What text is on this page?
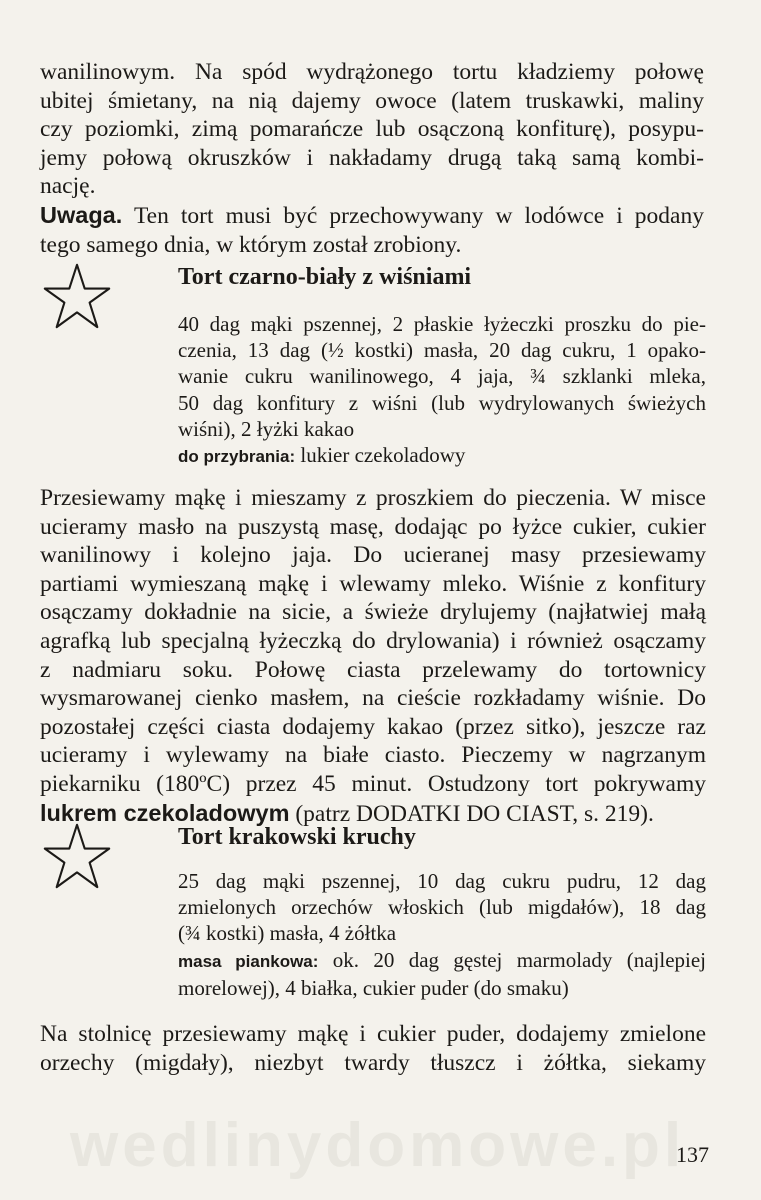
wanilinowym. Na spód wydrążonego tortu kładziemy połowę
ubitej śmietany, na nią dajemy owoce (latem truskawki, maliny
czy poziomki, zimą pomarańcze lub osączoną konfiturę), posypu-
jemy połową okruszków i nakładamy drugą taką samą kombi-
nację.
Uwaga. Ten tort musi być przechowywany w lodówce i podany
tego samego dnia, w którym został zrobiony.
Tort czarno-biały z wiśniami
40 dag mąki pszennej, 2 płaskie łyżeczki proszku do pie-
czenia, 13 dag (½ kostki) masła, 20 dag cukru, 1 opako-
wanie cukru wanilinowego, 4 jaja, ¾ szklanki mleka,
50 dag konfitury z wiśni (lub wydrylowanych świeżych
wiśni), 2 łyżki kakao
do przybrania: lukier czekoladowy
Przesiewamy mąkę i mieszamy z proszkiem do pieczenia. W misce
ucieramy masło na puszystą masę, dodając po łyżce cukier, cukier
wanilinowy i kolejno jaja. Do ucieranej masy przesiewamy
partiami wymieszaną mąkę i wlewamy mleko. Wiśnie z konfitury
osączamy dokładnie na sicie, a świeże drylujemy (najłatwiej małą
agrafką lub specjalną łyżeczką do drylowania) i również osączamy
z nadmiaru soku. Połowę ciasta przelewamy do tortownicy
wysmarowanej cienko masłem, na cieście rozkładamy wiśnie. Do
pozostałej części ciasta dodajemy kakao (przez sitko), jeszcze raz
ucieramy i wylewamy na białe ciasto. Pieczemy w nagrzanym
piekarniku (180ºC) przez 45 minut. Ostudzony tort pokrywamy
lukrem czekoladowym (patrz DODATKI DO CIAST, s. 219).
Tort krakowski kruchy
25 dag mąki pszennej, 10 dag cukru pudru, 12 dag
zmielonych orzechów włoskich (lub migdałów), 18 dag
(¾ kostki) masła, 4 żółtka
masa piankowa: ok. 20 dag gęstej marmolady (najlepiej
morelowej), 4 białka, cukier puder (do smaku)
Na stolnicę przesiewamy mąkę i cukier puder, dodajemy zmielone
orzechy (migdały), niezbyt twardy tłuszcz i żółtka, siekamy
wedlinydomowe.pl
137
